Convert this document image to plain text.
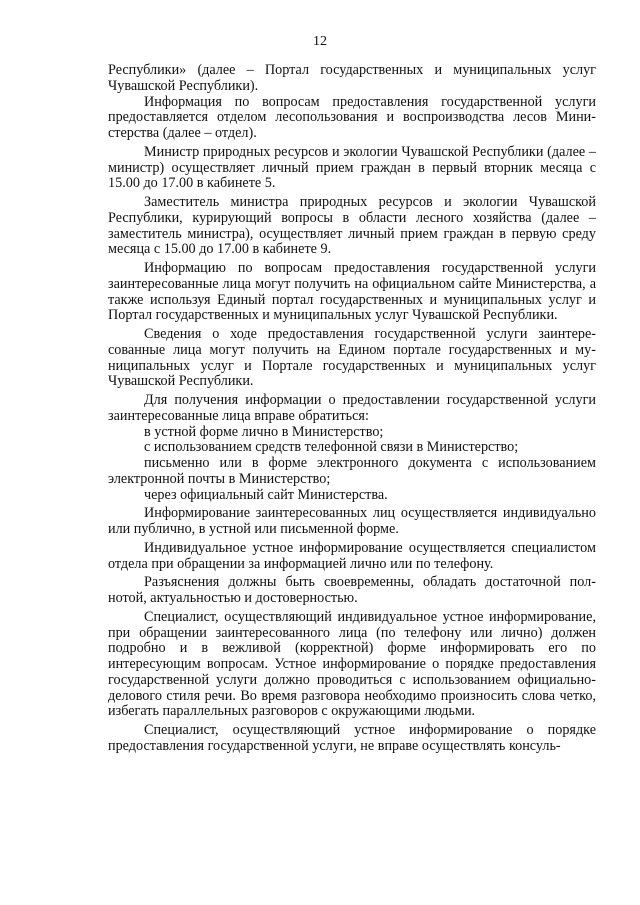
12

Республики» (далее – Портал государственных и муниципальных услуг Чувашской Республики).

Информация по вопросам предоставления государственной услуги предоставляется отделом лесопользования и воспроизводства лесов Министерства (далее – отдел).

Министр природных ресурсов и экологии Чувашской Республики (далее – министр) осуществляет личный прием граждан в первый вторник месяца с 15.00 до 17.00 в кабинете 5.

Заместитель министра природных ресурсов и экологии Чувашской Республики, курирующий вопросы в области лесного хозяйства (далее – заместитель министра), осуществляет личный прием граждан в первую среду месяца с 15.00 до 17.00 в кабинете 9.

Информацию по вопросам предоставления государственной услуги заинтересованные лица могут получить на официальном сайте Министерства, а также используя Единый портал государственных и муниципальных услуг и Портал государственных и муниципальных услуг Чувашской Республики.

Сведения о ходе предоставления государственной услуги заинтересованные лица могут получить на Едином портале государственных и муниципальных услуг и Портале государственных и муниципальных услуг Чувашской Республики.

Для получения информации о предоставлении государственной услуги заинтересованные лица вправе обратиться:

в устной форме лично в Министерство;

с использованием средств телефонной связи в Министерство;

письменно или в форме электронного документа с использованием электронной почты в Министерство;

через официальный сайт Министерства.

Информирование заинтересованных лиц осуществляется индивидуально или публично, в устной или письменной форме.

Индивидуальное устное информирование осуществляется специалистом отдела при обращении за информацией лично или по телефону.

Разъяснения должны быть своевременны, обладать достаточной полнотой, актуальностью и достоверностью.

Специалист, осуществляющий индивидуальное устное информирование, при обращении заинтересованного лица (по телефону или лично) должен подробно и в вежливой (корректной) форме информировать его по интересующим вопросам. Устное информирование о порядке предоставления государственной услуги должно проводиться с использованием официально-делового стиля речи. Во время разговора необходимо произносить слова четко, избегать параллельных разговоров с окружающими людьми.

Специалист, осуществляющий устное информирование о порядке предоставления государственной услуги, не вправе осуществлять консуль-
